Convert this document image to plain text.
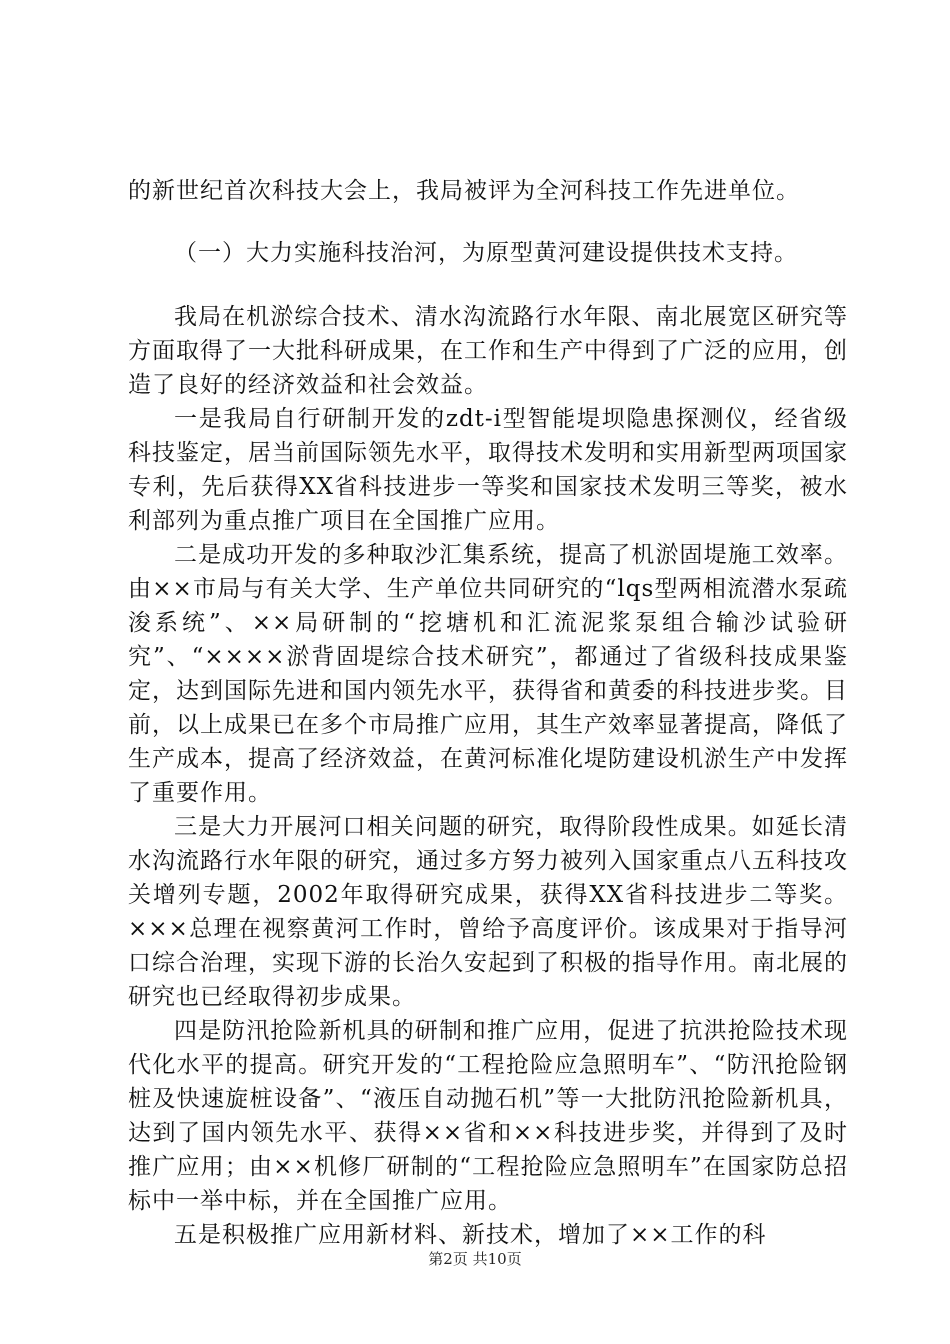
的新世纪首次科技大会上，我局被评为全河科技工作先进单位。

（一）大力实施科技治河，为原型黄河建设提供技术支持。

我局在机淤综合技术、清水沟流路行水年限、南北展宽区研究等方面取得了一大批科研成果，在工作和生产中得到了广泛的应用，创造了良好的经济效益和社会效益。

一是我局自行研制开发的zdt-i型智能堤坝隐患探测仪，经省级科技鉴定，居当前国际领先水平，取得技术发明和实用新型两项国家专利，先后获得XX省科技进步一等奖和国家技术发明三等奖，被水利部列为重点推广项目在全国推广应用。

二是成功开发的多种取沙汇集系统，提高了机淤固堤施工效率。由××市局与有关大学、生产单位共同研究的“lqs型两相流潜水泵疏浚系统”、××局研制的“挖塘机和汇流泥浆泵组合输沙试验研究”、“××××淤背固堤综合技术研究”，都通过了省级科技成果鉴定，达到国际先进和国内领先水平，获得省和黄委的科技进步奖。目前，以上成果已在多个市局推广应用，其生产效率显著提高，降低了生产成本，提高了经济效益，在黄河标准化堤防建设机淤生产中发挥了重要作用。

三是大力开展河口相关问题的研究，取得阶段性成果。如延长清水沟流路行水年限的研究，通过多方努力被列入国家重点八五科技攻关增列专题，2002年取得研究成果，获得XX省科技进步二等奖。×××总理在视察黄河工作时，曾给予高度评价。该成果对于指导河口综合治理，实现下游的长治久安起到了积极的指导作用。南北展的研究也已经取得初步成果。

四是防汛抢险新机具的研制和推广应用，促进了抗洪抢险技术现代化水平的提高。研究开发的“工程抢险应急照明车”、“防汛抢险钢桩及快速旋桩设备”、“液压自动抛石机”等一大批防汛抢险新机具，达到了国内领先水平、获得××省和××科技进步奖，并得到了及时推广应用；由××机修厂研制的“工程抢险应急照明车”在国家防总招标中一举中标，并在全国推广应用。

五是积极推广应用新材料、新技术，增加了××工作的科

第2页 共10页
